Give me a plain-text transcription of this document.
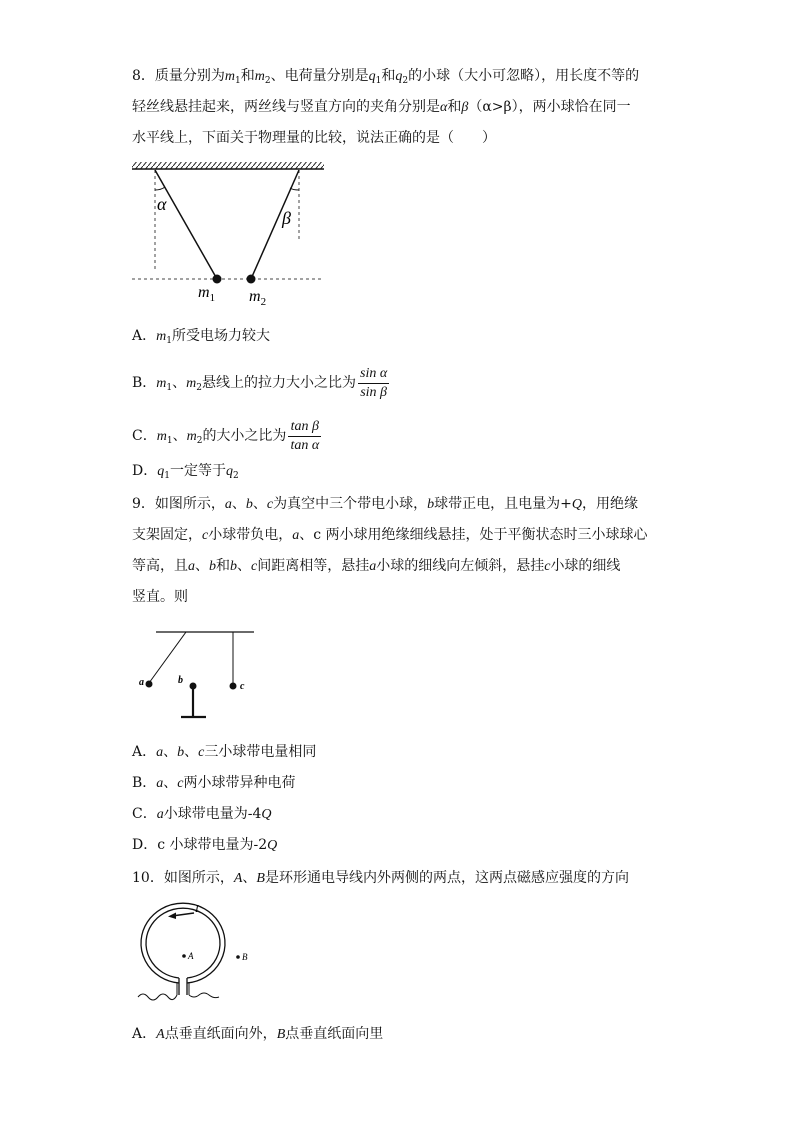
8．质量分别为$m_1$和$m_2$、电荷量分别是$q_1$和$q_2$的小球（大小可忽略），用长度不等的
轻丝线悬挂起来，两丝线与竖直方向的夹角分别是α和β（α>β），两小球恰在同一
水平线上，下面关于物理量的比较，说法正确的是（　　）
α
β
$m_1$ $m_2$
A．$m_1$所受电场力较大
B．$m_1$、$m_2$悬线上的拉力大小之比为 $\frac{\text{sin α}}{\text{sin β}}$
C．$m_1$、$m_2$的大小之比为 $\frac{\text{tan β}}{\text{tan α}}$
D．$q_1$一定等于$q_2$
9．如图所示，a、b、c为真空中三个带电小球，b球带正电，且电量为+Q，用绝缘
支架固定，c小球带负电，a、c 两小球用绝缘细线悬挂，处于平衡状态时三小球球心
等高，且a、b和b、c间距离相等，悬挂a小球的细线向左倾斜，悬挂c小球的细线
竖直。则
a	b
c
A．a、b、c三小球带电量相同
B．a、c两小球带异种电荷
C．a小球带电量为-4Q
D．c 小球带电量为-2Q
10．如图所示，A、B是环形通电导线内外两侧的两点，这两点磁感应强度的方向
I
A	B
A．A点垂直纸面向外，B点垂直纸面向里
